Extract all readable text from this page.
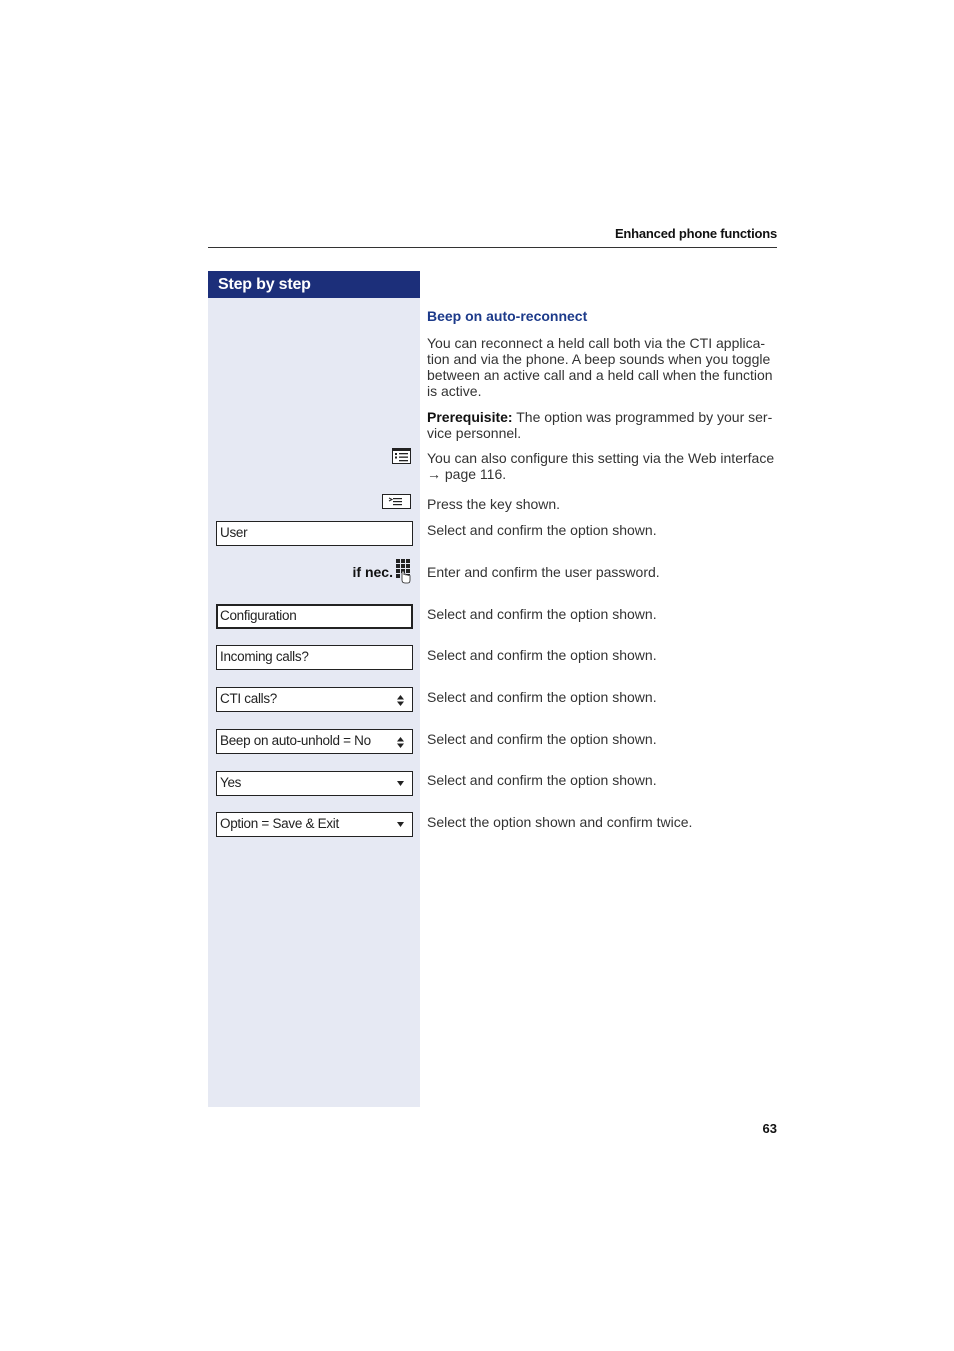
Enhanced phone functions
Step by step
Beep on auto-reconnect
You can reconnect a held call both via the CTI applica-
tion and via the phone. A beep sounds when you toggle
between an active call and a held call when the function
is active.
Prerequisite: The option was programmed by your ser-
vice personnel.
You can also configure this setting via the Web interface
→ page 116.
Press the key shown.
User	Select and confirm the option shown.
if nec. Enter and confirm the user password.
Configuration	Select and confirm the option shown.
Incoming calls?	Select and confirm the option shown.
CTI calls?	Select and confirm the option shown.
Beep on auto-unhold = No	Select and confirm the option shown.
Yes	Select and confirm the option shown.
Option = Save & Exit	Select the option shown and confirm twice.
63
